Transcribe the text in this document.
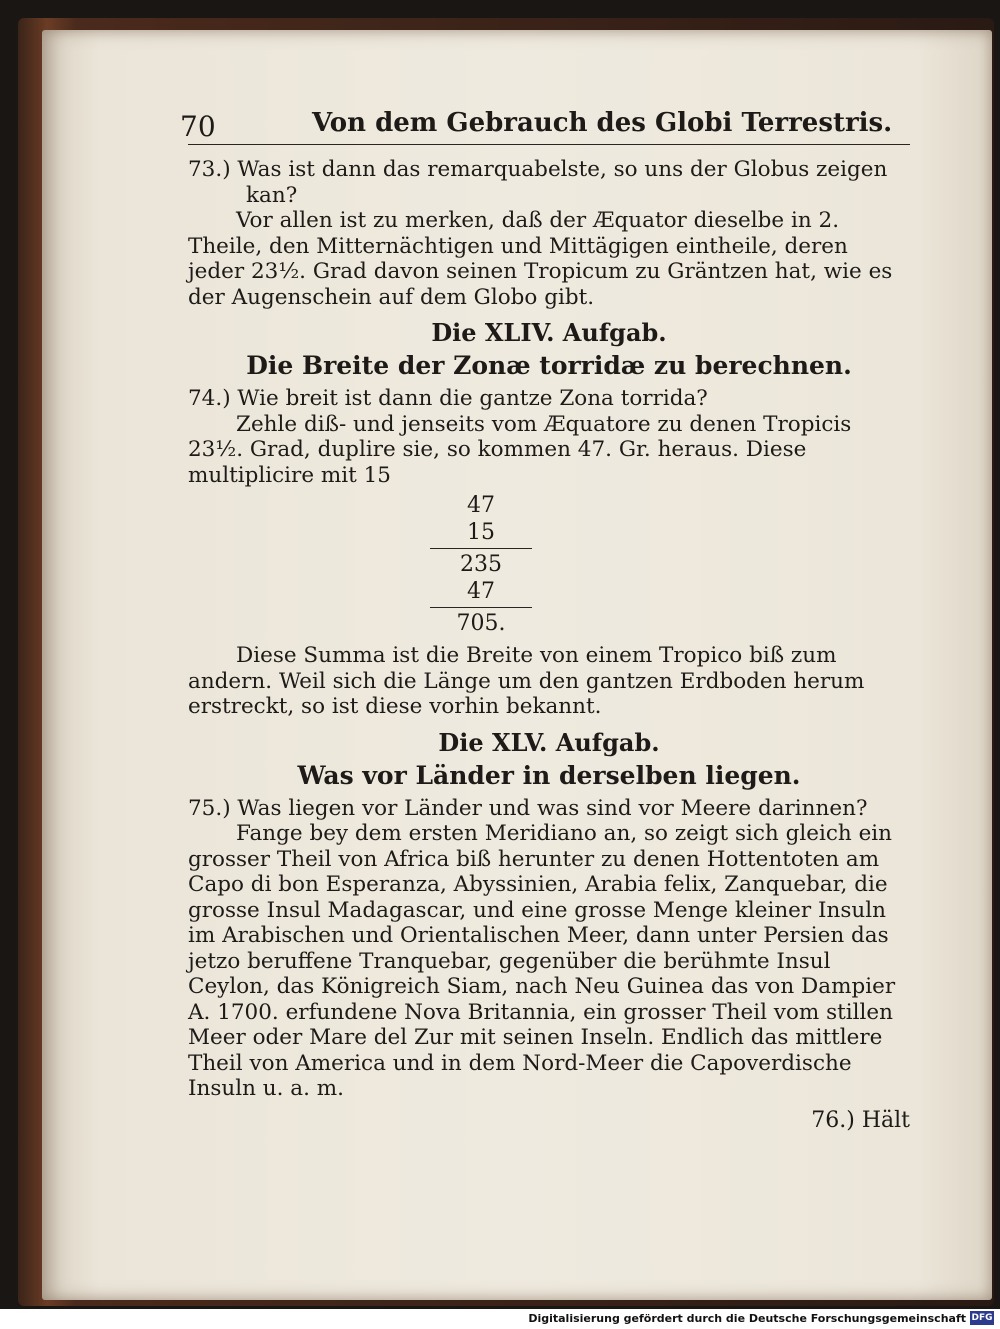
70	Von dem Gebrauch des Globi Terrestris.

73.) Was ist dann das remarquabelste, so uns der Globus zeigen kan?

Vor allen ist zu merken, daß der Æquator dieselbe in 2. Theile, den Mitternächtigen und Mittägigen eintheile, deren jeder 23½. Grad davon seinen Tropicum zu Gräntzen hat, wie es der Augenschein auf dem Globo gibt.

Die XLIV. Aufgab.
Die Breite der Zonæ torridæ zu berechnen.

74.) Wie breit ist dann die gantze Zona torrida?

Zehle diß- und jenseits vom Æquatore zu denen Tropicis 23½. Grad, duplire sie, so kommen 47. Gr. heraus. Diese multiplicire mit 15

47
15
235
47
705.

Diese Summa ist die Breite von einem Tropico biß zum andern. Weil sich die Länge um den gantzen Erdboden herum erstreckt, so ist diese vorhin bekannt.

Die XLV. Aufgab.
Was vor Länder in derselben liegen.

75.) Was liegen vor Länder und was sind vor Meere darinnen?

Fange bey dem ersten Meridiano an, so zeigt sich gleich ein grosser Theil von Africa biß herunter zu denen Hottentoten am Capo di bon Esperanza, Abyssinien, Arabia felix, Zanquebar, die grosse Insul Madagascar, und eine grosse Menge kleiner Insuln im Arabischen und Orientalischen Meer, dann unter Persien das jetzo beruffene Tranquebar, gegenüber die berühmte Insul Ceylon, das Königreich Siam, nach Neu Guinea das von Dampier A. 1700. erfundene Nova Britannia, ein grosser Theil vom stillen Meer oder Mare del Zur mit seinen Inseln. Endlich das mittlere Theil von America und in dem Nord-Meer die Capoverdische Insuln u. a. m.

76.) Hält
Digitalisierung gefördert durch die Deutsche Forschungsgemeinschaft DFG
